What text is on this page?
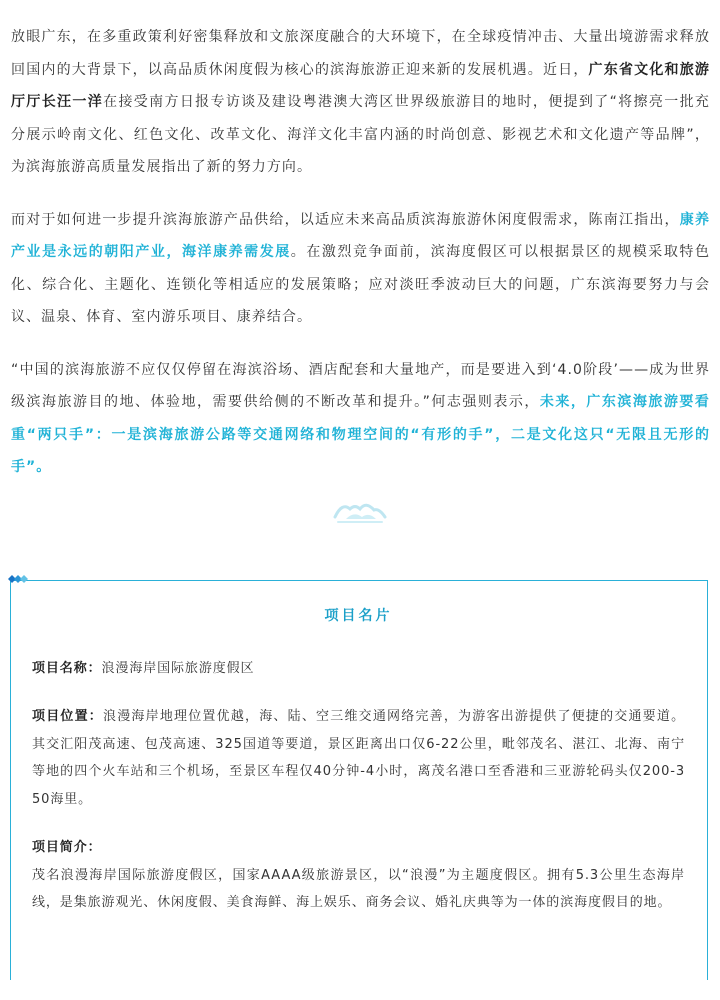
放眼广东，在多重政策利好密集释放和文旅深度融合的大环境下，在全球疫情冲击、大量出境游需求释放回国内的大背景下，以高品质休闲度假为核心的滨海旅游正迎来新的发展机遇。近日，广东省文化和旅游厅厅长汪一洋在接受南方日报专访谈及建设粤港澳大湾区世界级旅游目的地时，便提到了“将擦亮一批充分展示岭南文化、红色文化、改革文化、海洋文化丰富内涵的时尚创意、影视艺术和文化遗产等品牌”，为滨海旅游高质量发展指出了新的努力方向。

而对于如何进一步提升滨海旅游产品供给，以适应未来高品质滨海旅游休闲度假需求，陈南江指出，康养产业是永远的朝阳产业，海洋康养需发展。在激烈竞争面前，滨海度假区可以根据景区的规模采取特色化、综合化、主题化、连锁化等相适应的发展策略；应对淡旺季波动巨大的问题，广东滨海要努力与会议、温泉、体育、室内游乐项目、康养结合。

“中国的滨海旅游不应仅仅停留在海滨浴场、酒店配套和大量地产，而是要进入到‘4.0阶段’——成为世界级滨海旅游目的地、体验地，需要供给侧的不断改革和提升。”何志强则表示，未来，广东滨海旅游要看重“两只手”：一是滨海旅游公路等交通网络和物理空间的“有形的手”，二是文化这只“无限且无形的手”。

项目名片

项目名称：浪漫海岸国际旅游度假区

项目位置：浪漫海岸地理位置优越，海、陆、空三维交通网络完善，为游客出游提供了便捷的交通要道。其交汇阳茂高速、包茂高速、325国道等要道，景区距离出口仅6-22公里，毗邻茂名、湛江、北海、南宁等地的四个火车站和三个机场，至景区车程仅40分钟-4小时，离茂名港口至香港和三亚游轮码头仅200-350海里。

项目简介：

茂名浪漫海岸国际旅游度假区，国家AAAA级旅游景区，以“浪漫”为主题度假区。拥有5.3公里生态海岸线，是集旅游观光、休闲度假、美食海鲜、海上娱乐、商务会议、婚礼庆典等为一体的滨海度假目的地。
